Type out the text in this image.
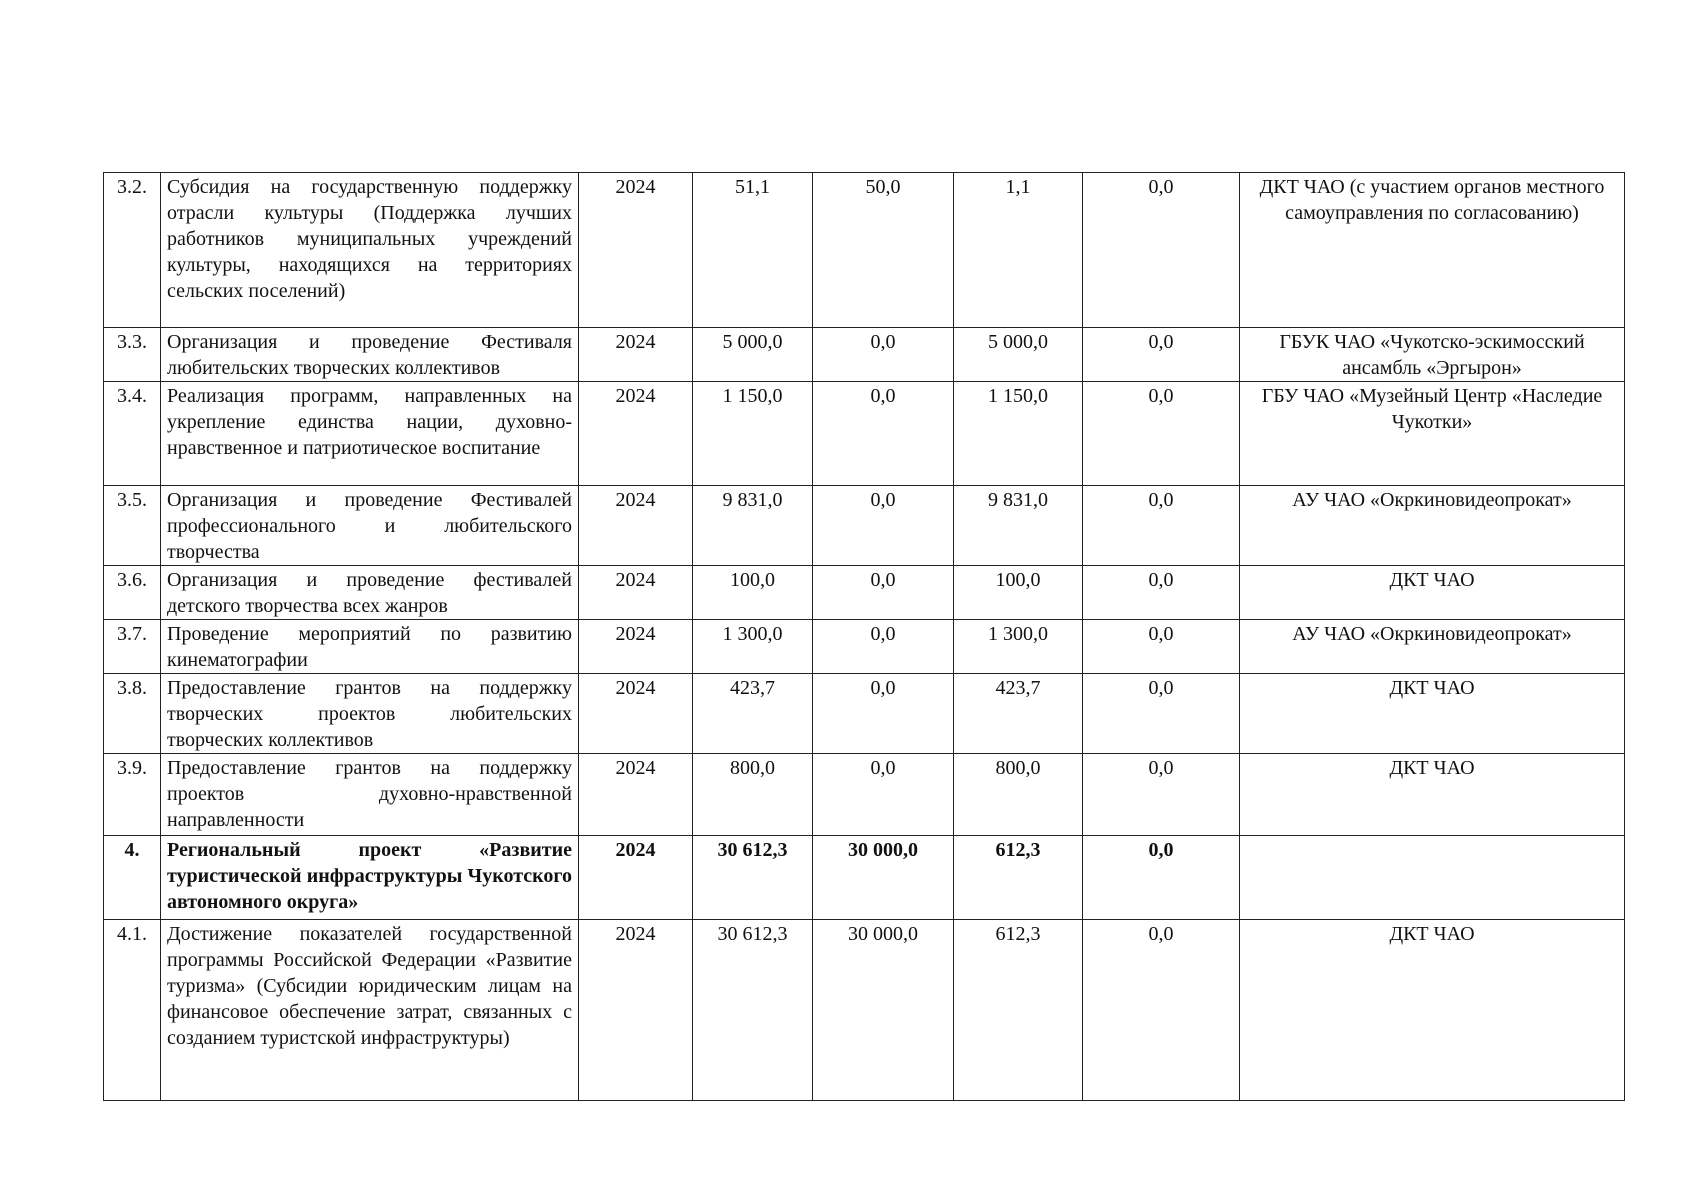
3.2.	Субсидия на государственную поддержку отрасли культуры (Поддержка лучших работников муниципальных учреждений культуры, находящихся на территориях сельских поселений)	2024	51,1	50,0	1,1	0,0	ДКТ ЧАО (с участием органов местного самоуправления по согласованию)
3.3.	Организация и проведение Фестиваля любительских творческих коллективов	2024	5 000,0	0,0	5 000,0	0,0	ГБУК ЧАО «Чукотско-эскимосский ансамбль «Эргырон»
3.4.	Реализация программ, направленных на укрепление единства нации, духовно-нравственное и патриотическое воспитание	2024	1 150,0	0,0	1 150,0	0,0	ГБУ ЧАО «Музейный Центр «Наследие Чукотки»
3.5.	Организация и проведение Фестивалей профессионального и любительского творчества	2024	9 831,0	0,0	9 831,0	0,0	АУ ЧАО «Окркиновидеопрокат»
3.6.	Организация и проведение фестивалей детского творчества всех жанров	2024	100,0	0,0	100,0	0,0	ДКТ ЧАО
3.7.	Проведение мероприятий по развитию кинематографии	2024	1 300,0	0,0	1 300,0	0,0	АУ ЧАО «Окркиновидеопрокат»
3.8.	Предоставление грантов на поддержку творческих проектов любительских творческих коллективов	2024	423,7	0,0	423,7	0,0	ДКТ ЧАО
3.9.	Предоставление грантов на поддержку проектов духовно-нравственной направленности	2024	800,0	0,0	800,0	0,0	ДКТ ЧАО
4.	Региональный проект «Развитие туристической инфраструктуры Чукотского автономного округа»	2024	30 612,3	30 000,0	612,3	0,0	
4.1.	Достижение показателей государственной программы Российской Федерации «Развитие туризма» (Субсидии юридическим лицам на финансовое обеспечение затрат, связанных с созданием туристской инфраструктуры)	2024	30 612,3	30 000,0	612,3	0,0	ДКТ ЧАО
